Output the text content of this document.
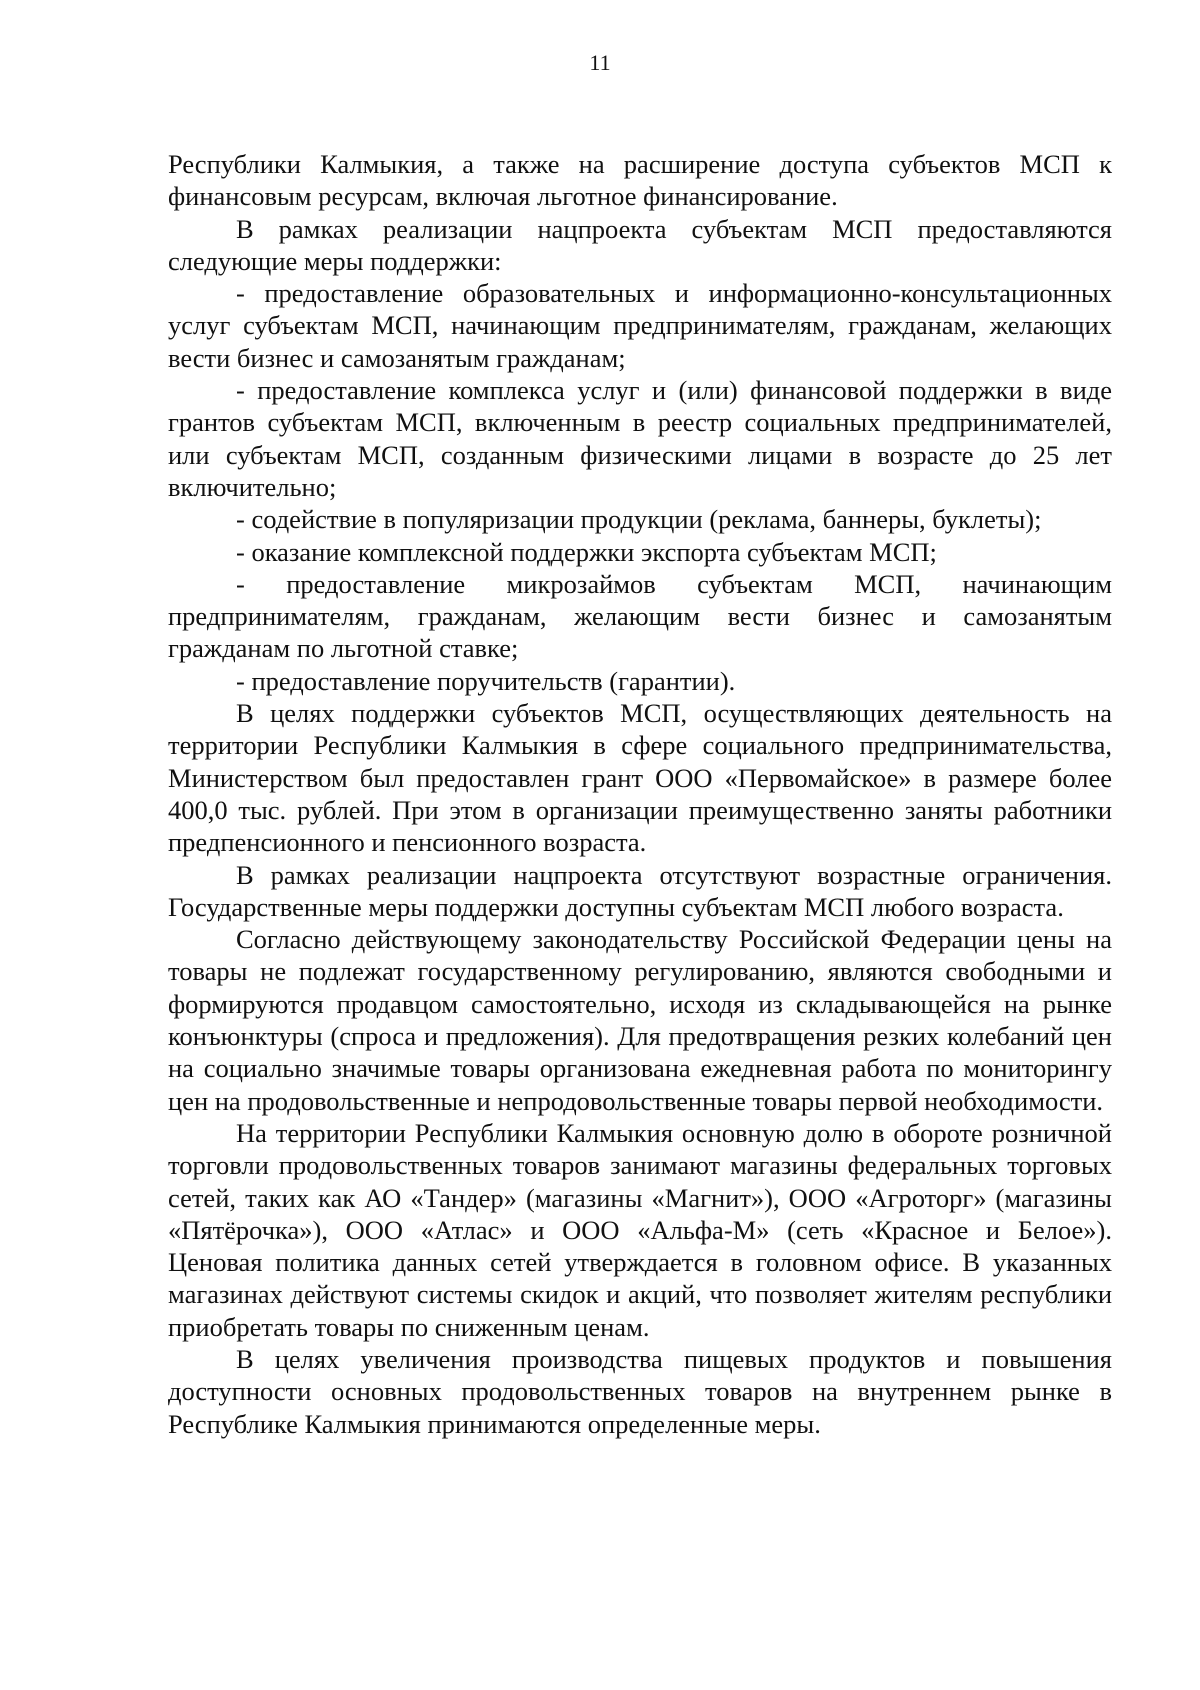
11

Республики Калмыкия, а также на расширение доступа субъектов МСП к финансовым ресурсам, включая льготное финансирование.

В рамках реализации нацпроекта субъектам МСП предоставляются следующие меры поддержки:

- предоставление образовательных и информационно-консультационных услуг субъектам МСП, начинающим предпринимателям, гражданам, желающих вести бизнес и самозанятым гражданам;

- предоставление комплекса услуг и (или) финансовой поддержки в виде грантов субъектам МСП, включенным в реестр социальных предпринимателей, или субъектам МСП, созданным физическими лицами в возрасте до 25 лет включительно;

- содействие в популяризации продукции (реклама, баннеры, буклеты);

- оказание комплексной поддержки экспорта субъектам МСП;

- предоставление микрозаймов субъектам МСП, начинающим предпринимателям, гражданам, желающим вести бизнес и самозанятым гражданам по льготной ставке;

- предоставление поручительств (гарантии).

В целях поддержки субъектов МСП, осуществляющих деятельность на территории Республики Калмыкия в сфере социального предпринимательства, Министерством был предоставлен грант ООО «Первомайское» в размере более 400,0 тыс. рублей. При этом в организации преимущественно заняты работники предпенсионного и пенсионного возраста.

В рамках реализации нацпроекта отсутствуют возрастные ограничения. Государственные меры поддержки доступны субъектам МСП любого возраста.

Согласно действующему законодательству Российской Федерации цены на товары не подлежат государственному регулированию, являются свободными и формируются продавцом самостоятельно, исходя из складывающейся на рынке конъюнктуры (спроса и предложения). Для предотвращения резких колебаний цен на социально значимые товары организована ежедневная работа по мониторингу цен на продовольственные и непродовольственные товары первой необходимости.

На территории Республики Калмыкия основную долю в обороте розничной торговли продовольственных товаров занимают магазины федеральных торговых сетей, таких как АО «Тандер» (магазины «Магнит»), ООО «Агроторг» (магазины «Пятёрочка»), ООО «Атлас» и ООО «Альфа-М» (сеть «Красное и Белое»). Ценовая политика данных сетей утверждается в головном офисе. В указанных магазинах действуют системы скидок и акций, что позволяет жителям республики приобретать товары по сниженным ценам.

В целях увеличения производства пищевых продуктов и повышения доступности основных продовольственных товаров на внутреннем рынке в Республике Калмыкия принимаются определенные меры.
